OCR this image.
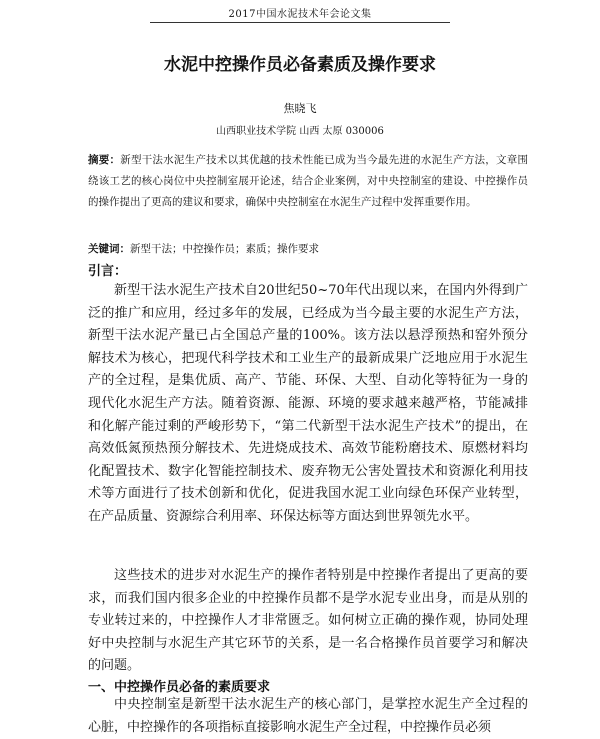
2017中国水泥技术年会论文集
水泥中控操作员必备素质及操作要求
焦晓飞
山西职业技术学院 山西 太原 030006
摘要：新型干法水泥生产技术以其优越的技术性能已成为当今最先进的水泥生产方法，文章围绕该工艺的核心岗位中央控制室展开论述，结合企业案例，对中央控制室的建设、中控操作员的操作提出了更高的建议和要求，确保中央控制室在水泥生产过程中发挥重要作用。
关键词：新型干法；中控操作员；素质；操作要求
引言：

新型干法水泥生产技术自20世纪50~70年代出现以来，在国内外得到广泛的推广和应用，经过多年的发展，已经成为当今最主要的水泥生产方法，新型干法水泥产量已占全国总产量的100%。该方法以悬浮预热和窑外预分解技术为核心，把现代科学技术和工业生产的最新成果广泛地应用于水泥生产的全过程，是集优质、高产、节能、环保、大型、自动化等特征为一身的现代化水泥生产方法。随着资源、能源、环境的要求越来越严格，节能减排和化解产能过剩的严峻形势下，“第二代新型干法水泥生产技术”的提出，在高效低氮预热预分解技术、先进烧成技术、高效节能粉磨技术、原燃材料均化配置技术、数字化智能控制技术、废弃物无公害处置技术和资源化利用技术等方面进行了技术创新和优化，促进我国水泥工业向绿色环保产业转型，在产品质量、资源综合利用率、环保达标等方面达到世界领先水平。

这些技术的进步对水泥生产的操作者特别是中控操作者提出了更高的要求，而我们国内很多企业的中控操作员都不是学水泥专业出身，而是从别的专业转过来的，中控操作人才非常匮乏。如何树立正确的操作观，协同处理好中央控制与水泥生产其它环节的关系，是一名合格操作员首要学习和解决的问题。

一、中控操作员必备的素质要求

中央控制室是新型干法水泥生产的核心部门，是掌控水泥生产全过程的心脏，中控操作的各项指标直接影响水泥生产全过程，中控操作员必须
